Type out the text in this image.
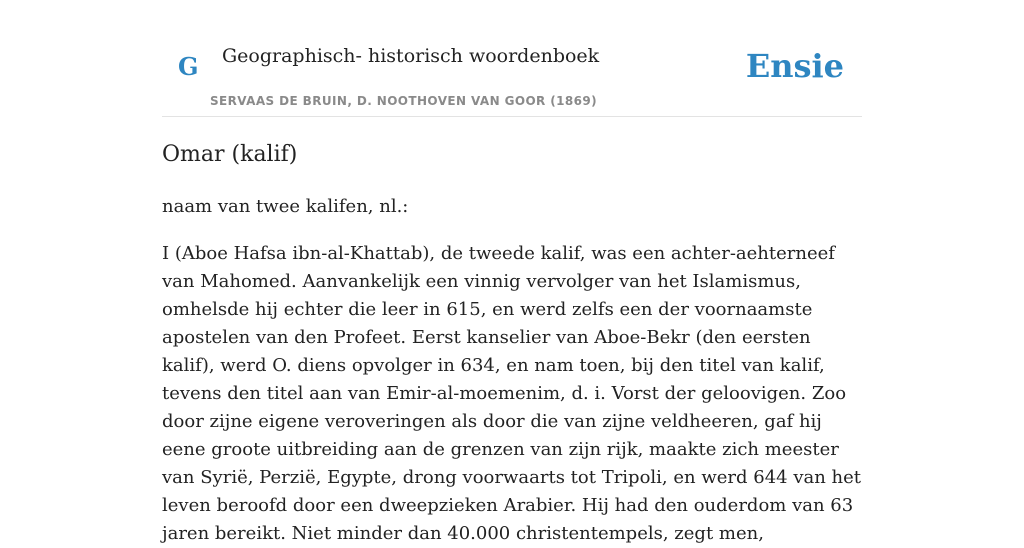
G Geographisch- historisch woordenboek
SERVAAS DE BRUIN, D. NOOTHOVEN VAN GOOR (1869)
Ensie
Omar (kalif)

naam van twee kalifen, nl.:

I (Aboe Hafsa ibn-al-Khattab), de tweede kalif, was een achter-aehterneef van Mahomed. Aanvankelijk een vinnig vervolger van het Islamismus, omhelsde hij echter die leer in 615, en werd zelfs een der voornaamste apostelen van den Profeet. Eerst kanselier van Aboe-Bekr (den eersten kalif), werd O. diens opvolger in 634, en nam toen, bij den titel van kalif, tevens den titel aan van Emir-al-moemenim, d. i. Vorst der geloovigen. Zoo door zijne eigene veroveringen als door die van zijne veldheeren, gaf hij eene groote uitbreiding aan de grenzen van zijn rijk, maakte zich meester van Syrië, Perzië, Egypte, drong voorwaarts tot Tripoli, en werd 644 van het leven beroofd door een dweepzieken Arabier. Hij had den ouderdom van 63 jaren bereikt. Niet minder dan 40.000 christentempels, zegt men,
